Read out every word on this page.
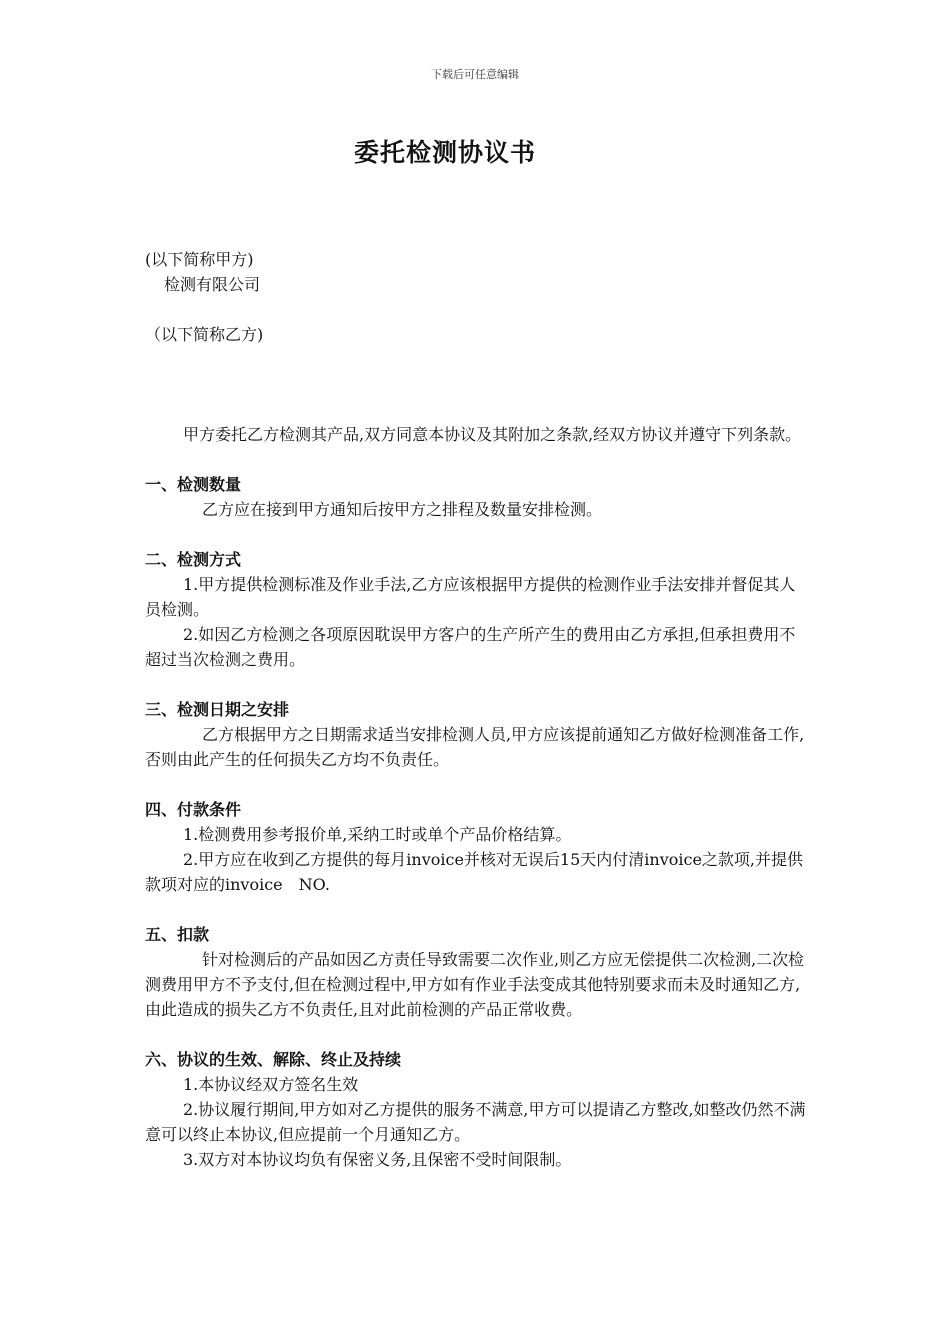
下载后可任意编辑
委托检测协议书
(以下简称甲方)
检测有限公司
（以下简称乙方)

甲方委托乙方检测其产品,双方同意本协议及其附加之条款,经双方协议并遵守下列条款。

一、检测数量

乙方应在接到甲方通知后按甲方之排程及数量安排检测。

二、检测方式

1.甲方提供检测标准及作业手法,乙方应该根据甲方提供的检测作业手法安排并督促其人员检测。

2.如因乙方检测之各项原因耽误甲方客户的生产所产生的费用由乙方承担,但承担费用不超过当次检测之费用。

三、检测日期之安排

乙方根据甲方之日期需求适当安排检测人员,甲方应该提前通知乙方做好检测准备工作,否则由此产生的任何损失乙方均不负责任。

四、付款条件

1.检测费用参考报价单,采纳工时或单个产品价格结算。

2.甲方应在收到乙方提供的每月invoice并核对无误后15天内付清invoice之款项,并提供款项对应的invoice　NO.

五、扣款

针对检测后的产品如因乙方责任导致需要二次作业,则乙方应无偿提供二次检测,二次检测费用甲方不予支付,但在检测过程中,甲方如有作业手法变成其他特别要求而未及时通知乙方,由此造成的损失乙方不负责任,且对此前检测的产品正常收费。

六、协议的生效、解除、终止及持续

1.本协议经双方签名生效

2.协议履行期间,甲方如对乙方提供的服务不满意,甲方可以提请乙方整改,如整改仍然不满意可以终止本协议,但应提前一个月通知乙方。

3.双方对本协议均负有保密义务,且保密不受时间限制。
